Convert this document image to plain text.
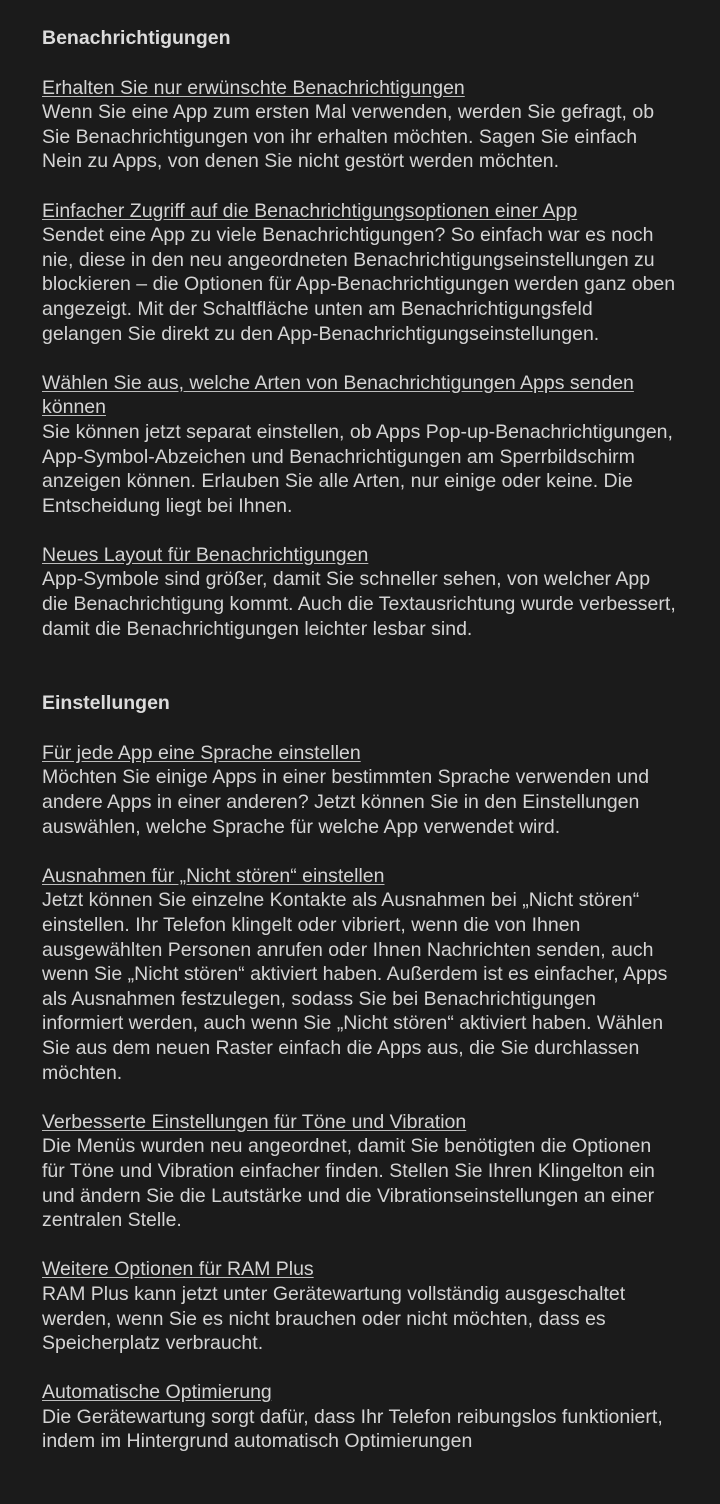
Benachrichtigungen
Erhalten Sie nur erwünschte Benachrichtigungen
Wenn Sie eine App zum ersten Mal verwenden, werden Sie gefragt, ob Sie Benachrichtigungen von ihr erhalten möchten. Sagen Sie einfach Nein zu Apps, von denen Sie nicht gestört werden möchten.
Einfacher Zugriff auf die Benachrichtigungsoptionen einer App
Sendet eine App zu viele Benachrichtigungen? So einfach war es noch nie, diese in den neu angeordneten Benachrichtigungseinstellungen zu blockieren – die Optionen für App-Benachrichtigungen werden ganz oben angezeigt. Mit der Schaltfläche unten am Benachrichtigungsfeld gelangen Sie direkt zu den App-Benachrichtigungseinstellungen.
Wählen Sie aus, welche Arten von Benachrichtigungen Apps senden können
Sie können jetzt separat einstellen, ob Apps Pop-up-Benachrichtigungen, App-Symbol-Abzeichen und Benachrichtigungen am Sperrbildschirm anzeigen können. Erlauben Sie alle Arten, nur einige oder keine. Die Entscheidung liegt bei Ihnen.
Neues Layout für Benachrichtigungen
App-Symbole sind größer, damit Sie schneller sehen, von welcher App die Benachrichtigung kommt. Auch die Textausrichtung wurde verbessert, damit die Benachrichtigungen leichter lesbar sind.
Einstellungen
Für jede App eine Sprache einstellen
Möchten Sie einige Apps in einer bestimmten Sprache verwenden und andere Apps in einer anderen? Jetzt können Sie in den Einstellungen auswählen, welche Sprache für welche App verwendet wird.
Ausnahmen für „Nicht stören“ einstellen
Jetzt können Sie einzelne Kontakte als Ausnahmen bei „Nicht stören“ einstellen. Ihr Telefon klingelt oder vibriert, wenn die von Ihnen ausgewählten Personen anrufen oder Ihnen Nachrichten senden, auch wenn Sie „Nicht stören“ aktiviert haben. Außerdem ist es einfacher, Apps als Ausnahmen festzulegen, sodass Sie bei Benachrichtigungen informiert werden, auch wenn Sie „Nicht stören“ aktiviert haben. Wählen Sie aus dem neuen Raster einfach die Apps aus, die Sie durchlassen möchten.
Verbesserte Einstellungen für Töne und Vibration
Die Menüs wurden neu angeordnet, damit Sie benötigten die Optionen für Töne und Vibration einfacher finden. Stellen Sie Ihren Klingelton ein und ändern Sie die Lautstärke und die Vibrationseinstellungen an einer zentralen Stelle.
Weitere Optionen für RAM Plus
RAM Plus kann jetzt unter Gerätewartung vollständig ausgeschaltet werden, wenn Sie es nicht brauchen oder nicht möchten, dass es Speicherplatz verbraucht.
Automatische Optimierung
Die Gerätewartung sorgt dafür, dass Ihr Telefon reibungslos funktioniert, indem im Hintergrund automatisch Optimierungen
